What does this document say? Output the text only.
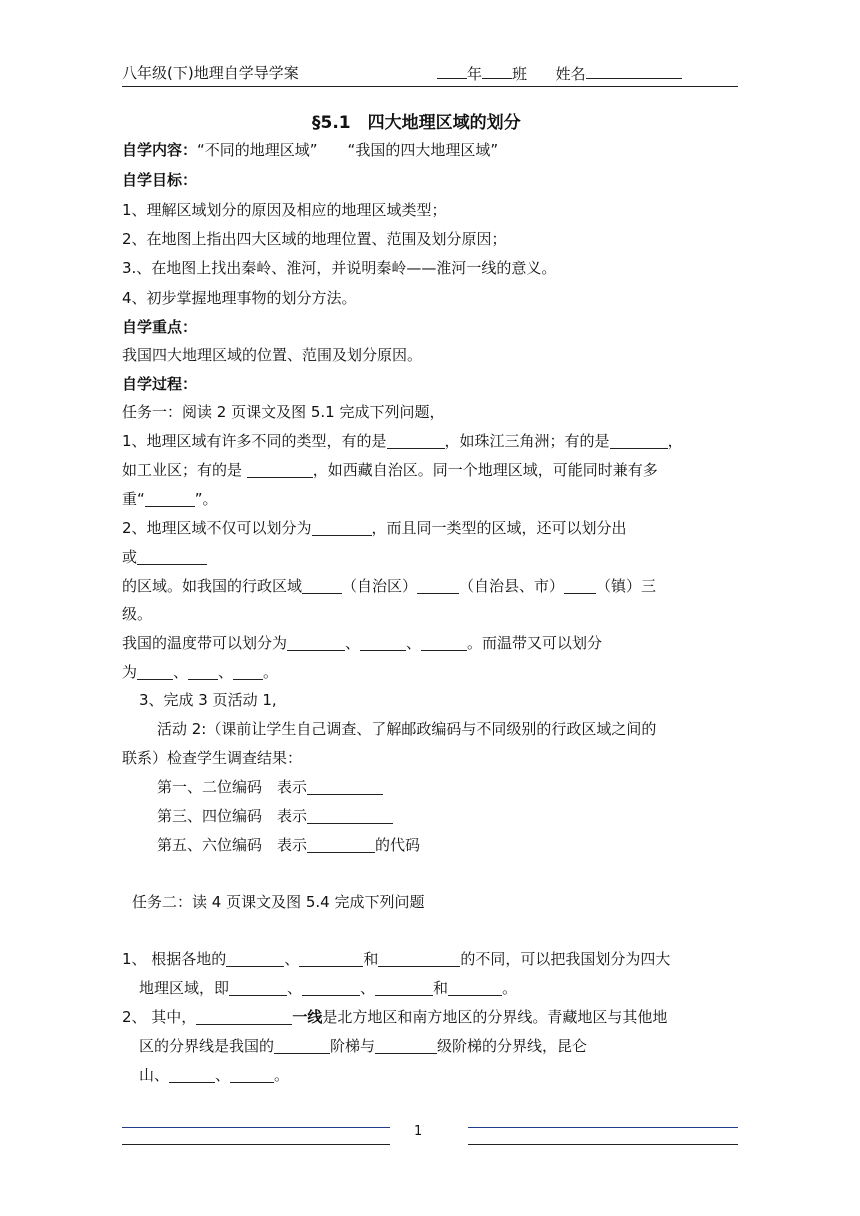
八年级(下)地理自学导学案	年 班 姓名
§5.1　四大地理区域的划分
自学内容：“不同的地理区域”　　“我国的四大地理区域”
自学目标：
1、理解区域划分的原因及相应的地理区域类型；
2、在地图上指出四大区域的地理位置、范围及划分原因；
3.、在地图上找出秦岭、淮河，并说明秦岭——淮河一线的意义。
4、初步掌握地理事物的划分方法。
自学重点：
我国四大地理区域的位置、范围及划分原因。
自学过程：
任务一：阅读 2 页课文及图 5.1 完成下列问题，
1、地理区域有许多不同的类型，有的是	，如珠江三角洲；有的是	，
如工业区；有的是	，如西藏自治区。同一个地理区域，可能同时兼有多
重“	”。
2、地理区域不仅可以划分为	，而且同一类型的区域，还可以划分出
或
的区域。如我国的行政区域	（自治区）	（自治县、市） （镇）三
级。
我国的温度带可以划分为	、	、	。而温带又可以划分
为 、 、 。
3、完成 3 页活动 1,
活动 2:（课前让学生自己调查、了解邮政编码与不同级别的行政区域之间的
联系）检查学生调查结果：
第一、二位编码　表示
第三、四位编码　表示
第五、六位编码　表示	的代码
任务二：读 4 页课文及图 5.4 完成下列问题
1、 根据各地的	、	和	的不同，可以把我国划分为四大
地理区域，即	、	、	和	。
2、 其中，	一线是北方地区和南方地区的分界线。青藏地区与其他地
区的分界线是我国的	阶梯与	级阶梯的分界线，昆仑
山、	、	。
1
